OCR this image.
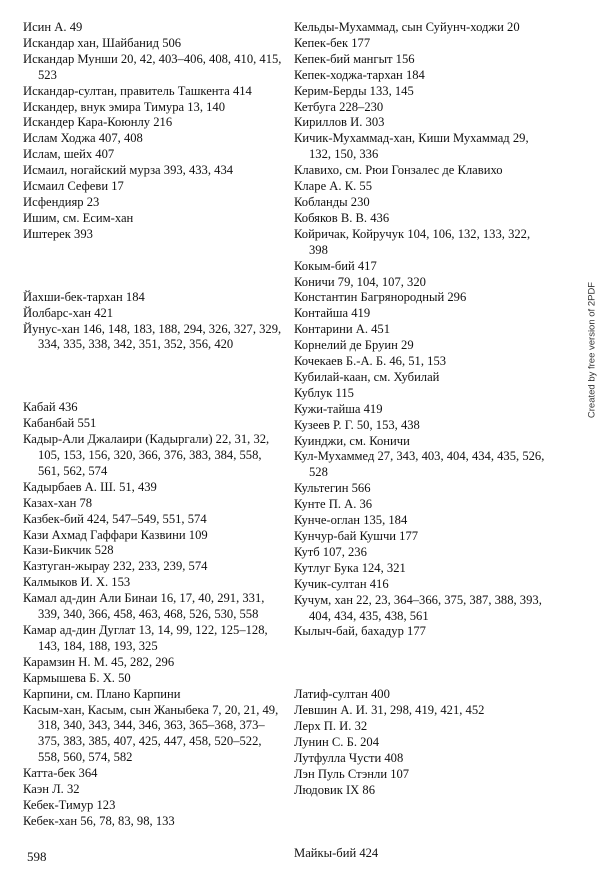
Исин А. 49
Искандар хан, Шайбанид 506
Искандар Мунши 20, 42, 403–406, 408, 410, 415, 523
Искандар-султан, правитель Ташкента 414
Искандер, внук эмира Тимура 13, 140
Искандер Кара-Коюнлу 216
Ислам Ходжа 407, 408
Ислам, шейх 407
Исмаил, ногайский мурза 393, 433, 434
Исмаил Сефеви 17
Исфендияр 23
Ишим, см. Есим-хан
Иштерек 393
Йахши-бек-тархан 184
Йолбарс-хан 421
Йунус-хан 146, 148, 183, 188, 294, 326, 327, 329, 334, 335, 338, 342, 351, 352, 356, 420
Кабай 436
Кабанбай 551
Кадыр-Али Джалаири (Кадыргали) 22, 31, 32, 105, 153, 156, 320, 366, 376, 383, 384, 558, 561, 562, 574
Кадырбаев А. Ш. 51, 439
Казах-хан 78
Казбек-бий 424, 547–549, 551, 574
Кази Ахмад Гаффари Казвини 109
Кази-Бикчик 528
Казтуган-жырау 232, 233, 239, 574
Калмыков И. Х. 153
Камал ад-дин Али Бинаи 16, 17, 40, 291, 331, 339, 340, 366, 458, 463, 468, 526, 530, 558
Камар ад-дин Дуглат 13, 14, 99, 122, 125–128, 143, 184, 188, 193, 325
Карамзин Н. М. 45, 282, 296
Кармышева Б. Х. 50
Карпини, см. Плано Карпини
Касым-хан, Касым, сын Жаныбека 7, 20, 21, 49, 318, 340, 343, 344, 346, 363, 365–368, 373–375, 383, 385, 407, 425, 447, 458, 520–522, 558, 560, 574, 582
Катта-бек 364
Каэн Л. 32
Кебек-Тимур 123
Кебек-хан 56, 78, 83, 98, 133
Кельды-Мухаммад, сын Суйунч-ходжи 20
Кепек-бек 177
Кепек-бий мангыт 156
Кепек-ходжа-тархан 184
Керим-Берды 133, 145
Кетбуга 228–230
Кириллов И. 303
Кичик-Мухаммад-хан, Киши Мухаммад 29, 132, 150, 336
Клавихо, см. Рюи Гонзалес де Клавихо
Кларе А. К. 55
Кобланды 230
Кобяков В. В. 436
Койричак, Койручук 104, 106, 132, 133, 322, 398
Кокым-бий 417
Коничи 79, 104, 107, 320
Константин Багрянородный 296
Контайша 419
Контарини А. 451
Корнелий де Бруин 29
Кочекаев Б.-А. Б. 46, 51, 153
Кубилай-каан, см. Хубилай
Кублук 115
Кужи-тайша 419
Кузеев Р. Г. 50, 153, 438
Куинджи, см. Коничи
Кул-Мухаммед 27, 343, 403, 404, 434, 435, 526, 528
Культегин 566
Кунте П. А. 36
Кунче-оглан 135, 184
Кунчур-бай Кушчи 177
Кутб 107, 236
Кутлуг Бука 124, 321
Кучик-султан 416
Кучум, хан 22, 23, 364–366, 375, 387, 388, 393, 404, 434, 435, 438, 561
Кылыч-бай, бахадур 177
Латиф-султан 400
Левшин А. И. 31, 298, 419, 421, 452
Лерх П. И. 32
Лунин С. Б. 204
Лутфулла Чусти 408
Лэн Пуль Стэнли 107
Людовик IX 86
Майкы-бий 424
598
Created by free version of 2PDF
